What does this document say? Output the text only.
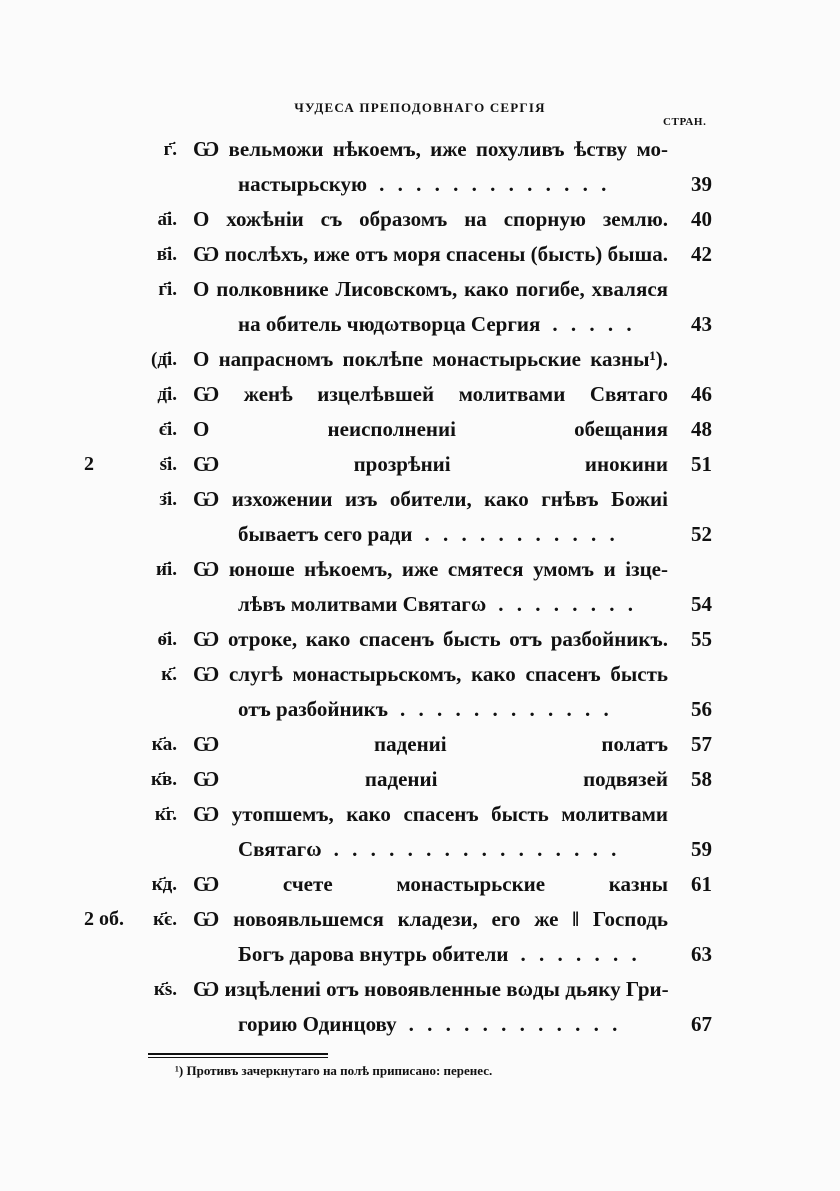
ЧУДЕСА ПРЕПОДОВНАГО СЕРГІЯ
СТРАН.
г҃. Ѡ вельможи нѣкоемъ, иже похуливъ ѣству мо-
настырьскую . . . . . . . . . . . . .	39
а҃і. О хожѣніи съ образомъ на спорную землю. 40
в҃і. Ѡ послѣхъ, иже отъ моря спасены (бысть) быша. 42
г҃і. О полковнике Лисовскомъ, како погибе, хваляся
на обитель чюдωтворца Сергия . . . . .	43
(д҃і. О напрасномъ поклѣпе монастырьские казны¹).
д҃і. Ѡ женѣ изцелѣвшей молитвами Святаго 46
є҃і. О неисполнениі обещания 48
2	ѕ҃і. Ѡ прозрѣниі инокини 51
з҃і. Ѡ изхожении изъ обители, како гнѣвъ Божиі
бываетъ сего ради . . . . . . . . . . .	52
и҃і. Ѡ юноше нѣкоемъ, иже смятеся умомъ и ізце-
лѣвъ молитвами Святагω . . . . . . . .	54
ѳ҃і. Ѡ отроке, како спасенъ бысть отъ разбойникъ. 55
к҃. Ѡ слугѣ монастырьскомъ, како спасенъ бысть
отъ разбойникъ . . . . . . . . . . . .	56
к҃а. Ѡ падениі полатъ 57
к҃в. Ѡ падениі подвязей 58
к҃г. Ѡ утопшемъ, како спасенъ бысть молитвами
Святагω . . . . . . . . . . . . . . . .	59
к҃д. Ѡ счете монастырьские казны 61
2 об. к҃є. Ѡ новоявльшемся кладези, его же ‖ Господь
Богъ дарова внутрь обители . . . . . . . 63
к҃ѕ. Ѡ изцѣлениі отъ новоявленные вωды дьяку Гри-
горию Одинцову . . . . . . . . . . . .	67
¹) Противъ зачеркнутаго на полѣ приписано: перенес.
